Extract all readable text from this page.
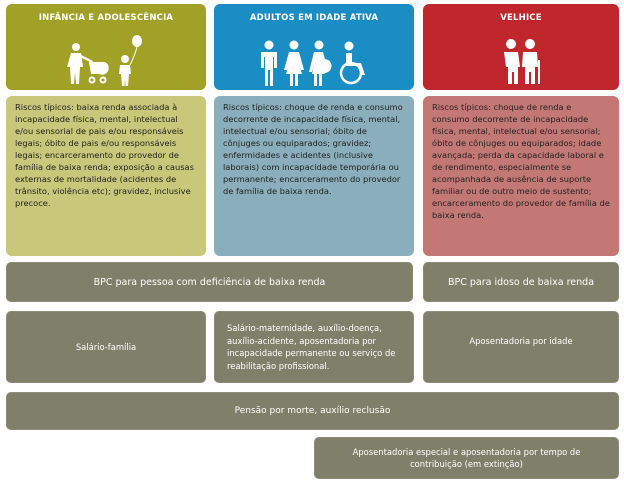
INFÂNCIA E ADOLESCÊNCIA	ADULTOS EM IDADE ATIVA	VELHICE
Riscos típicos: baixa renda associada à incapacidade física, mental, intelectual e/ou sensorial de pais e/ou responsáveis legais; óbito de pais e/ou responsáveis legais; encarceramento do provedor de família de baixa renda; exposição a causas externas de mortalidade (acidentes de trânsito, violência etc); gravidez, inclusive precoce.
Riscos típicos: choque de renda e consumo decorrente de incapacidade física, mental, intelectual e/ou sensorial; óbito de cônjuges ou equiparados; gravidez; enfermidades e acidentes (inclusive laborais) com incapacidade temporária ou permanente; encarceramento do provedor de família de baixa renda.
Riscos típicos: choque de renda e consumo decorrente de incapacidade física, mental, intelectual e/ou sensorial; óbito de cônjuges ou equiparados; idade avançada; perda da capacidade laboral e de rendimento, especialmente se acompanhada de ausência de suporte familiar ou de outro meio de sustento; encarceramento do provedor de família de baixa renda.
BPC para pessoa com deficiência de baixa renda	BPC para idoso de baixa renda
Salário-família
Salário-maternidade, auxílio-doença, auxílio-acidente, aposentadoria por incapacidade permanente ou serviço de reabilitação profissional.
Aposentadoria por idade
Pensão por morte, auxílio reclusão
Aposentadoria especial e aposentadoria por tempo de contribuição (em extinção)
